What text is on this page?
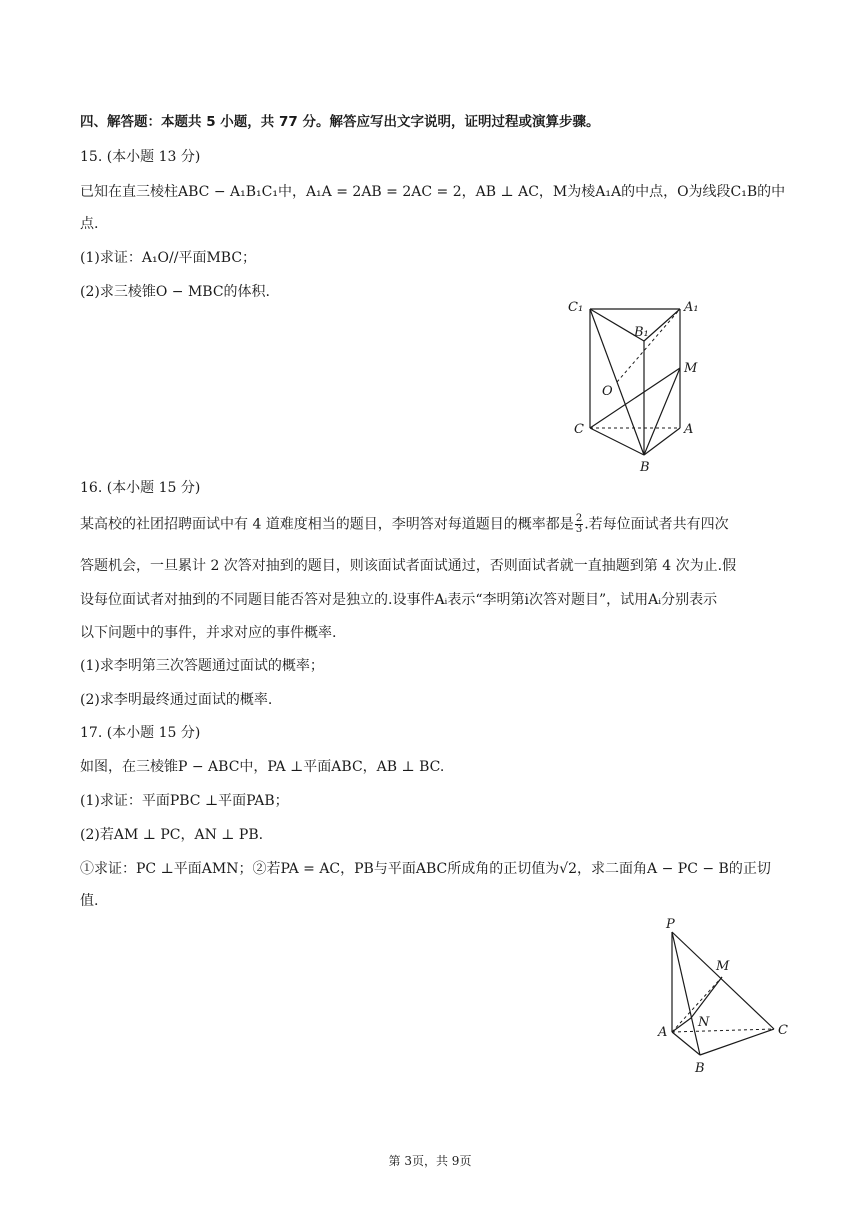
四、解答题：本题共 5 小题，共 77 分。解答应写出文字说明，证明过程或演算步骤。
15. (本小题 13 分)
已知在直三棱柱ABC − A₁B₁C₁中，A₁A = 2AB = 2AC = 2，AB ⊥ AC，M为棱A₁A的中点，O为线段C₁B的中
点.
(1)求证：A₁O//平面MBC；
(2)求三棱锥O − MBC的体积.
C₁
B₁
A₁
M
O
C	A
B
16. (本小题 15 分)
某高校的社团招聘面试中有 4 道难度相当的题目，李明答对每道题目的概率都是 $\frac{2}{3}$ .若每位面试者共有四次
答题机会，一旦累计 2 次答对抽到的题目，则该面试者面试通过，否则面试者就一直抽题到第 4 次为止.假
设每位面试者对抽到的不同题目能否答对是独立的.设事件Aᵢ表示“李明第i次答对题目”，试用Aᵢ分别表示
以下问题中的事件，并求对应的事件概率.
(1)求李明第三次答题通过面试的概率；
(2)求李明最终通过面试的概率.
17. (本小题 15 分)
如图，在三棱锥P − ABC中，PA ⊥平面ABC，AB ⊥ BC.
(1)求证：平面PBC ⊥平面PAB；
(2)若AM ⊥ PC，AN ⊥ PB.
①求证：PC ⊥平面AMN；②若PA = AC，PB与平面ABC所成角的正切值为√2，求二面角A − PC − B的正切
值.
P
M
A
N
C
B
第 3页，共 9页
